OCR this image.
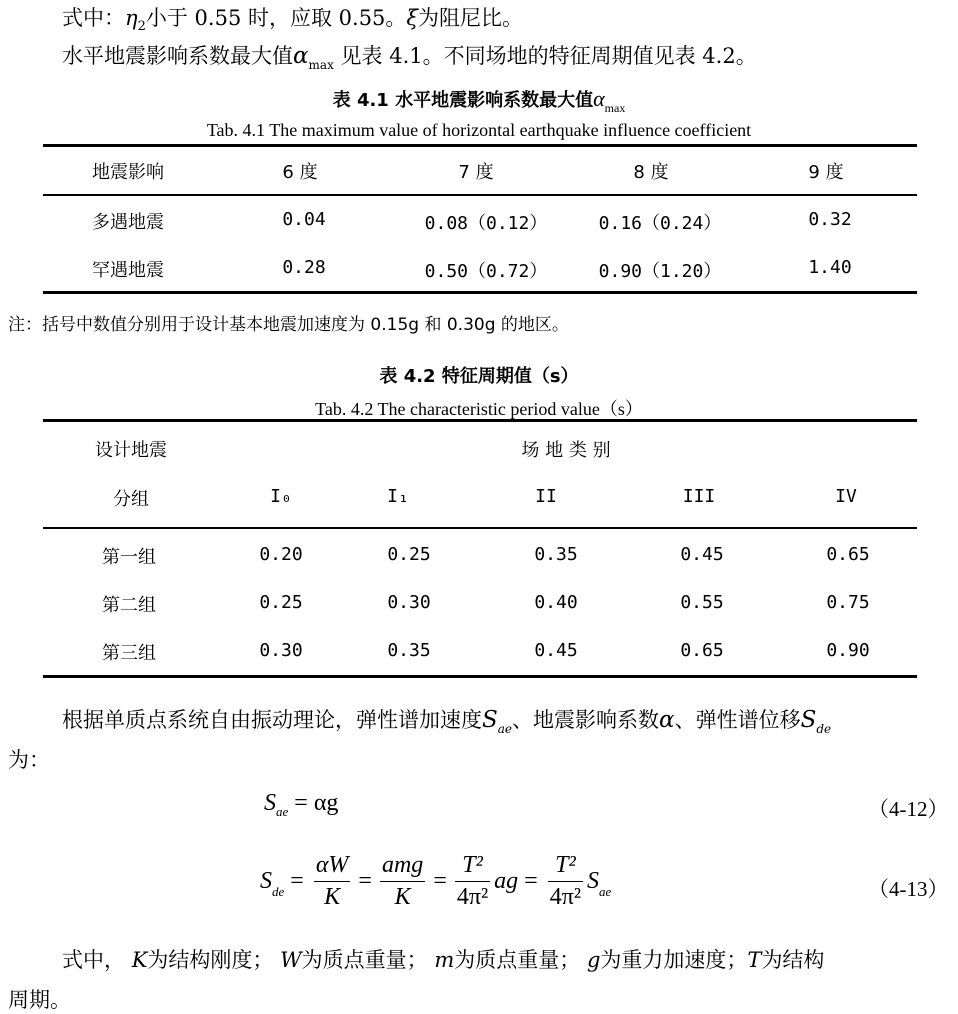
式中：$\eta_2$小于 0.55 时，应取 0.55。ξ为阻尼比。
水平地震影响系数最大值$\alpha_{max}$ 见表 4.1。不同场地的特征周期值见表 4.2。
表 4.1 水平地震影响系数最大值$\alpha_{max}$
Tab. 4.1 The maximum value of horizontal earthquake influence coefficient
地震影响	6 度	7 度	8 度	9 度
多遇地震	0.04	0.08（0.12）	0.16（0.24）	0.32
罕遇地震	0.28	0.50（0.72）	0.90（1.20）	1.40
注：括号中数值分别用于设计基本地震加速度为 0.15g 和 0.30g 的地区。
表 4.2 特征周期值（s）
Tab. 4.2 The characteristic period value（s）
设计地震
分组
场 地 类 别
I₀	I₁	II	III	IV
第一组	0.20	0.25	0.35	0.45	0.65
第二组	0.25	0.30	0.40	0.55	0.75
第三组	0.30	0.35	0.45	0.65	0.90
根据单质点系统自由振动理论，弹性谱加速度$S_{ae}$、地震影响系数α、弹性谱位移$S_{de}$
为：
$S_{ae} = \alpha g$	（4-12）
S de = $\frac{\alpha W}{K} = \frac{\text{amg}}{K} = \frac{\text{T²}}{\text{4π²}}$ ag = $\frac{\text{T²}}{\text{4π²}}$ S ae	（4-13）
式中， K为结构刚度； W为质点重量； m为质点重量； g为重力加速度；T为结构
周期。
